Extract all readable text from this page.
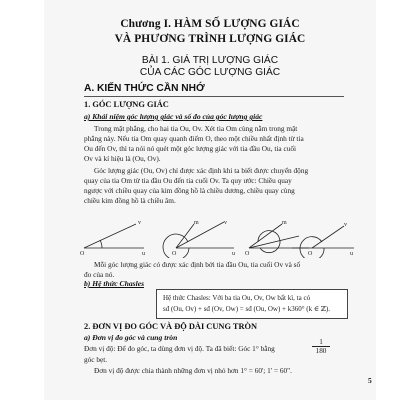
Chương I. HÀM SỐ LƯỢNG GIÁC
VÀ PHƯƠNG TRÌNH LƯỢNG GIÁC
BÀI 1. GIÁ TRỊ LƯỢNG GIÁC
CỦA CÁC GÓC LƯỢNG GIÁC
A. KIẾN THỨC CẦN NHỚ
1. GÓC LƯỢNG GIÁC
a) Khái niệm góc lượng giác và số đo của góc lượng giác
Trong mặt phẳng, cho hai tia Ou, Ov. Xét tia Om cùng nằm trong mặt
phẳng này. Nếu tia Om quay quanh điểm O, theo một chiều nhất định từ tia
Ou đến Ov, thì ta nói nó quét một góc lượng giác với tia đầu Ou, tia cuối
Ov và kí hiệu là (Ou, Ov).
Góc lượng giác (Ou, Ov) chỉ được xác định khi ta biết được chuyển động
quay của tia Om từ tia đầu Ou đến tia cuối Ov. Ta quy ước: Chiều quay
ngược với chiều quay của kim đồng hồ là chiều dương, chiều quay cùng
chiều kim đồng hồ là chiều âm.
O	u
v
O	u
v
m
O
m
O	u
v
Mỗi góc lượng giác có được xác định bởi tia đầu Ou, tia cuối Ov và số
đo của nó.
b) Hệ thức Chasles
Hệ thức Chasles: Với ba tia Ou, Ov, Ow bất kì, ta có
sđ (Ou, Ov) + sđ (Ov, Ow) = sđ (Ou, Ow) + k360° (k ∈ ℤ).
2. ĐƠN VỊ ĐO GÓC VÀ ĐỘ DÀI CUNG TRÒN
a) Đơn vị đo góc và cung tròn
Đơn vị độ: Để đo góc, ta dùng đơn vị độ. Ta đã biết: Góc 1° bằng	$\frac{1}{180}$
góc bẹt.
Đơn vị độ được chia thành những đơn vị nhỏ hơn 1° = 60'; 1' = 60".
5
